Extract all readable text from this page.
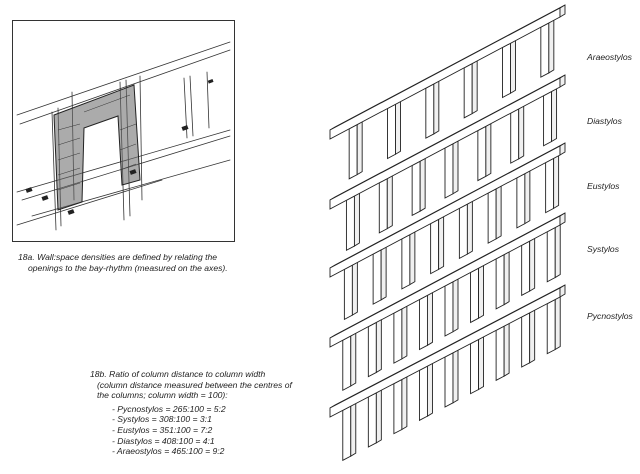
18a. Wall:space densities are defined by relating the
openings to the bay-rhythm (measured on the axes).
18b. Ratio of column distance to column width
(column distance measured between the centres of
the columns; column width = 100):
- Pycnostylos = 265:100 = 5:2
- Systylos = 308:100 = 3:1
- Eustylos = 351:100 = 7:2
- Diastylos = 408:100 = 4:1
- Araeostylos = 465:100 = 9:2
Araeostylos
Diastylos
Eustylos
Systylos
Pycnostylos
